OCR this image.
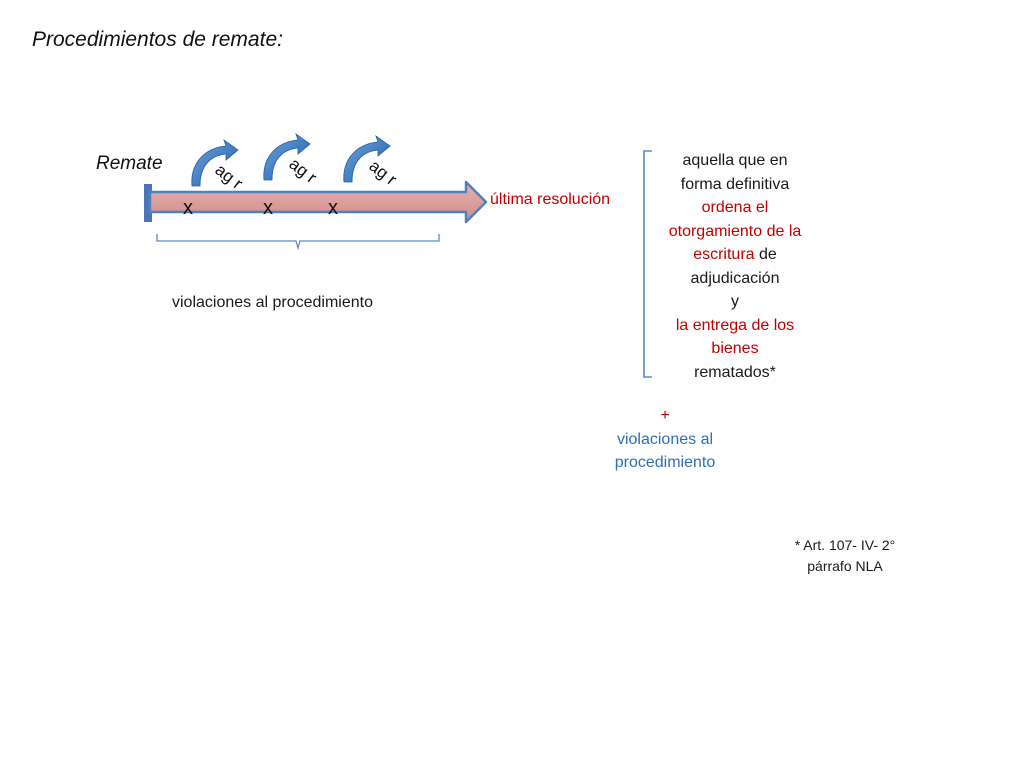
Procedimientos de remate:
Remate	ag r ag r	ag r
x	x	x	última resolución
violaciones al procedimiento
aquella que en forma definitiva ordena el otorgamiento de la escritura de adjudicación
y
la entrega de los bienes
rematados*
+
violaciones al procedimiento
* Art. 107- IV- 2° párrafo NLA
